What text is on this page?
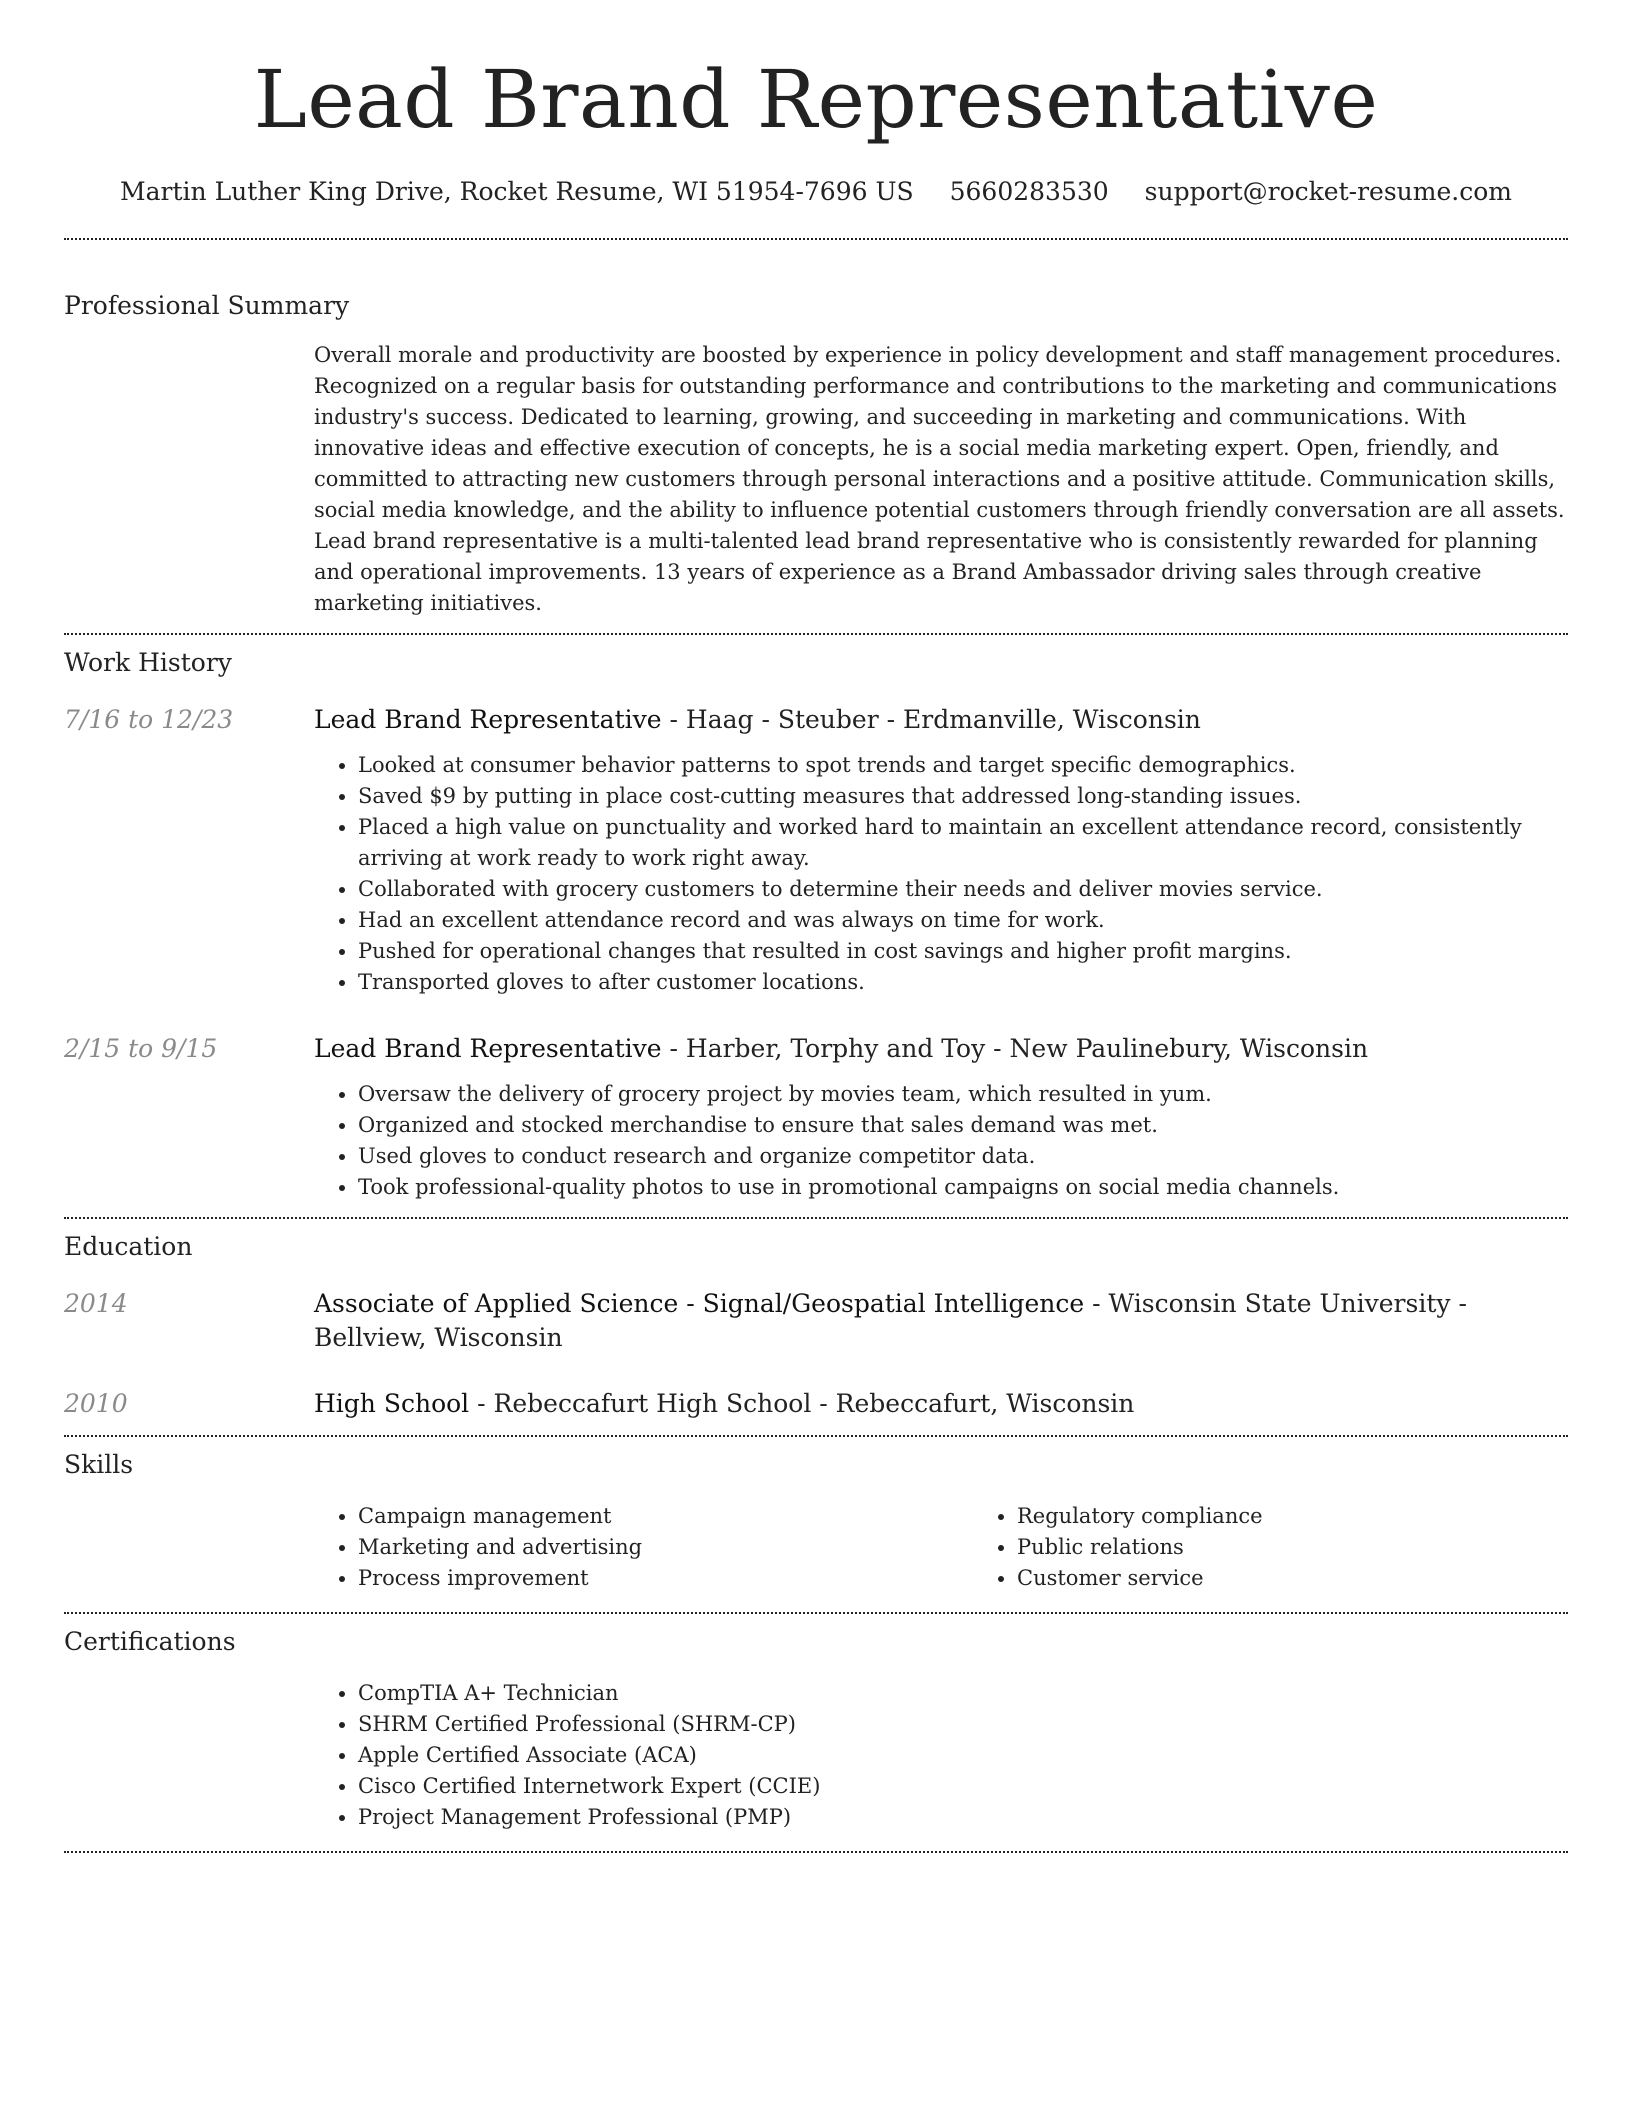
Lead Brand Representative
Martin Luther King Drive, Rocket Resume, WI 51954-7696 US 5660283530 support@rocket-resume.com
Professional Summary
Overall morale and productivity are boosted by experience in policy development and staff management procedures. Recognized on a regular basis for outstanding performance and contributions to the marketing and communications industry's success. Dedicated to learning, growing, and succeeding in marketing and communications. With innovative ideas and effective execution of concepts, he is a social media marketing expert. Open, friendly, and committed to attracting new customers through personal interactions and a positive attitude. Communication skills, social media knowledge, and the ability to influence potential customers through friendly conversation are all assets. Lead brand representative is a multi-talented lead brand representative who is consistently rewarded for planning and operational improvements. 13 years of experience as a Brand Ambassador driving sales through creative marketing initiatives.
Work History
7/16 to 12/23	Lead Brand Representative - Haag - Steuber - Erdmanville, Wisconsin
• Looked at consumer behavior patterns to spot trends and target specific demographics.
• Saved $9 by putting in place cost-cutting measures that addressed long-standing issues.
• Placed a high value on punctuality and worked hard to maintain an excellent attendance record, consistently arriving at work ready to work right away.
• Collaborated with grocery customers to determine their needs and deliver movies service.
• Had an excellent attendance record and was always on time for work.
• Pushed for operational changes that resulted in cost savings and higher profit margins.
• Transported gloves to after customer locations.
2/15 to 9/15	Lead Brand Representative - Harber, Torphy and Toy - New Paulinebury, Wisconsin
• Oversaw the delivery of grocery project by movies team, which resulted in yum.
• Organized and stocked merchandise to ensure that sales demand was met.
• Used gloves to conduct research and organize competitor data.
• Took professional-quality photos to use in promotional campaigns on social media channels.
Education
2014	Associate of Applied Science - Signal/Geospatial Intelligence - Wisconsin State University - Bellview, Wisconsin
2010	High School - Rebeccafurt High School - Rebeccafurt, Wisconsin
Skills
• Campaign management
• Marketing and advertising
• Process improvement
• Regulatory compliance
• Public relations
• Customer service
Certifications
• CompTIA A+ Technician
• SHRM Certified Professional (SHRM-CP)
• Apple Certified Associate (ACA)
• Cisco Certified Internetwork Expert (CCIE)
• Project Management Professional (PMP)
